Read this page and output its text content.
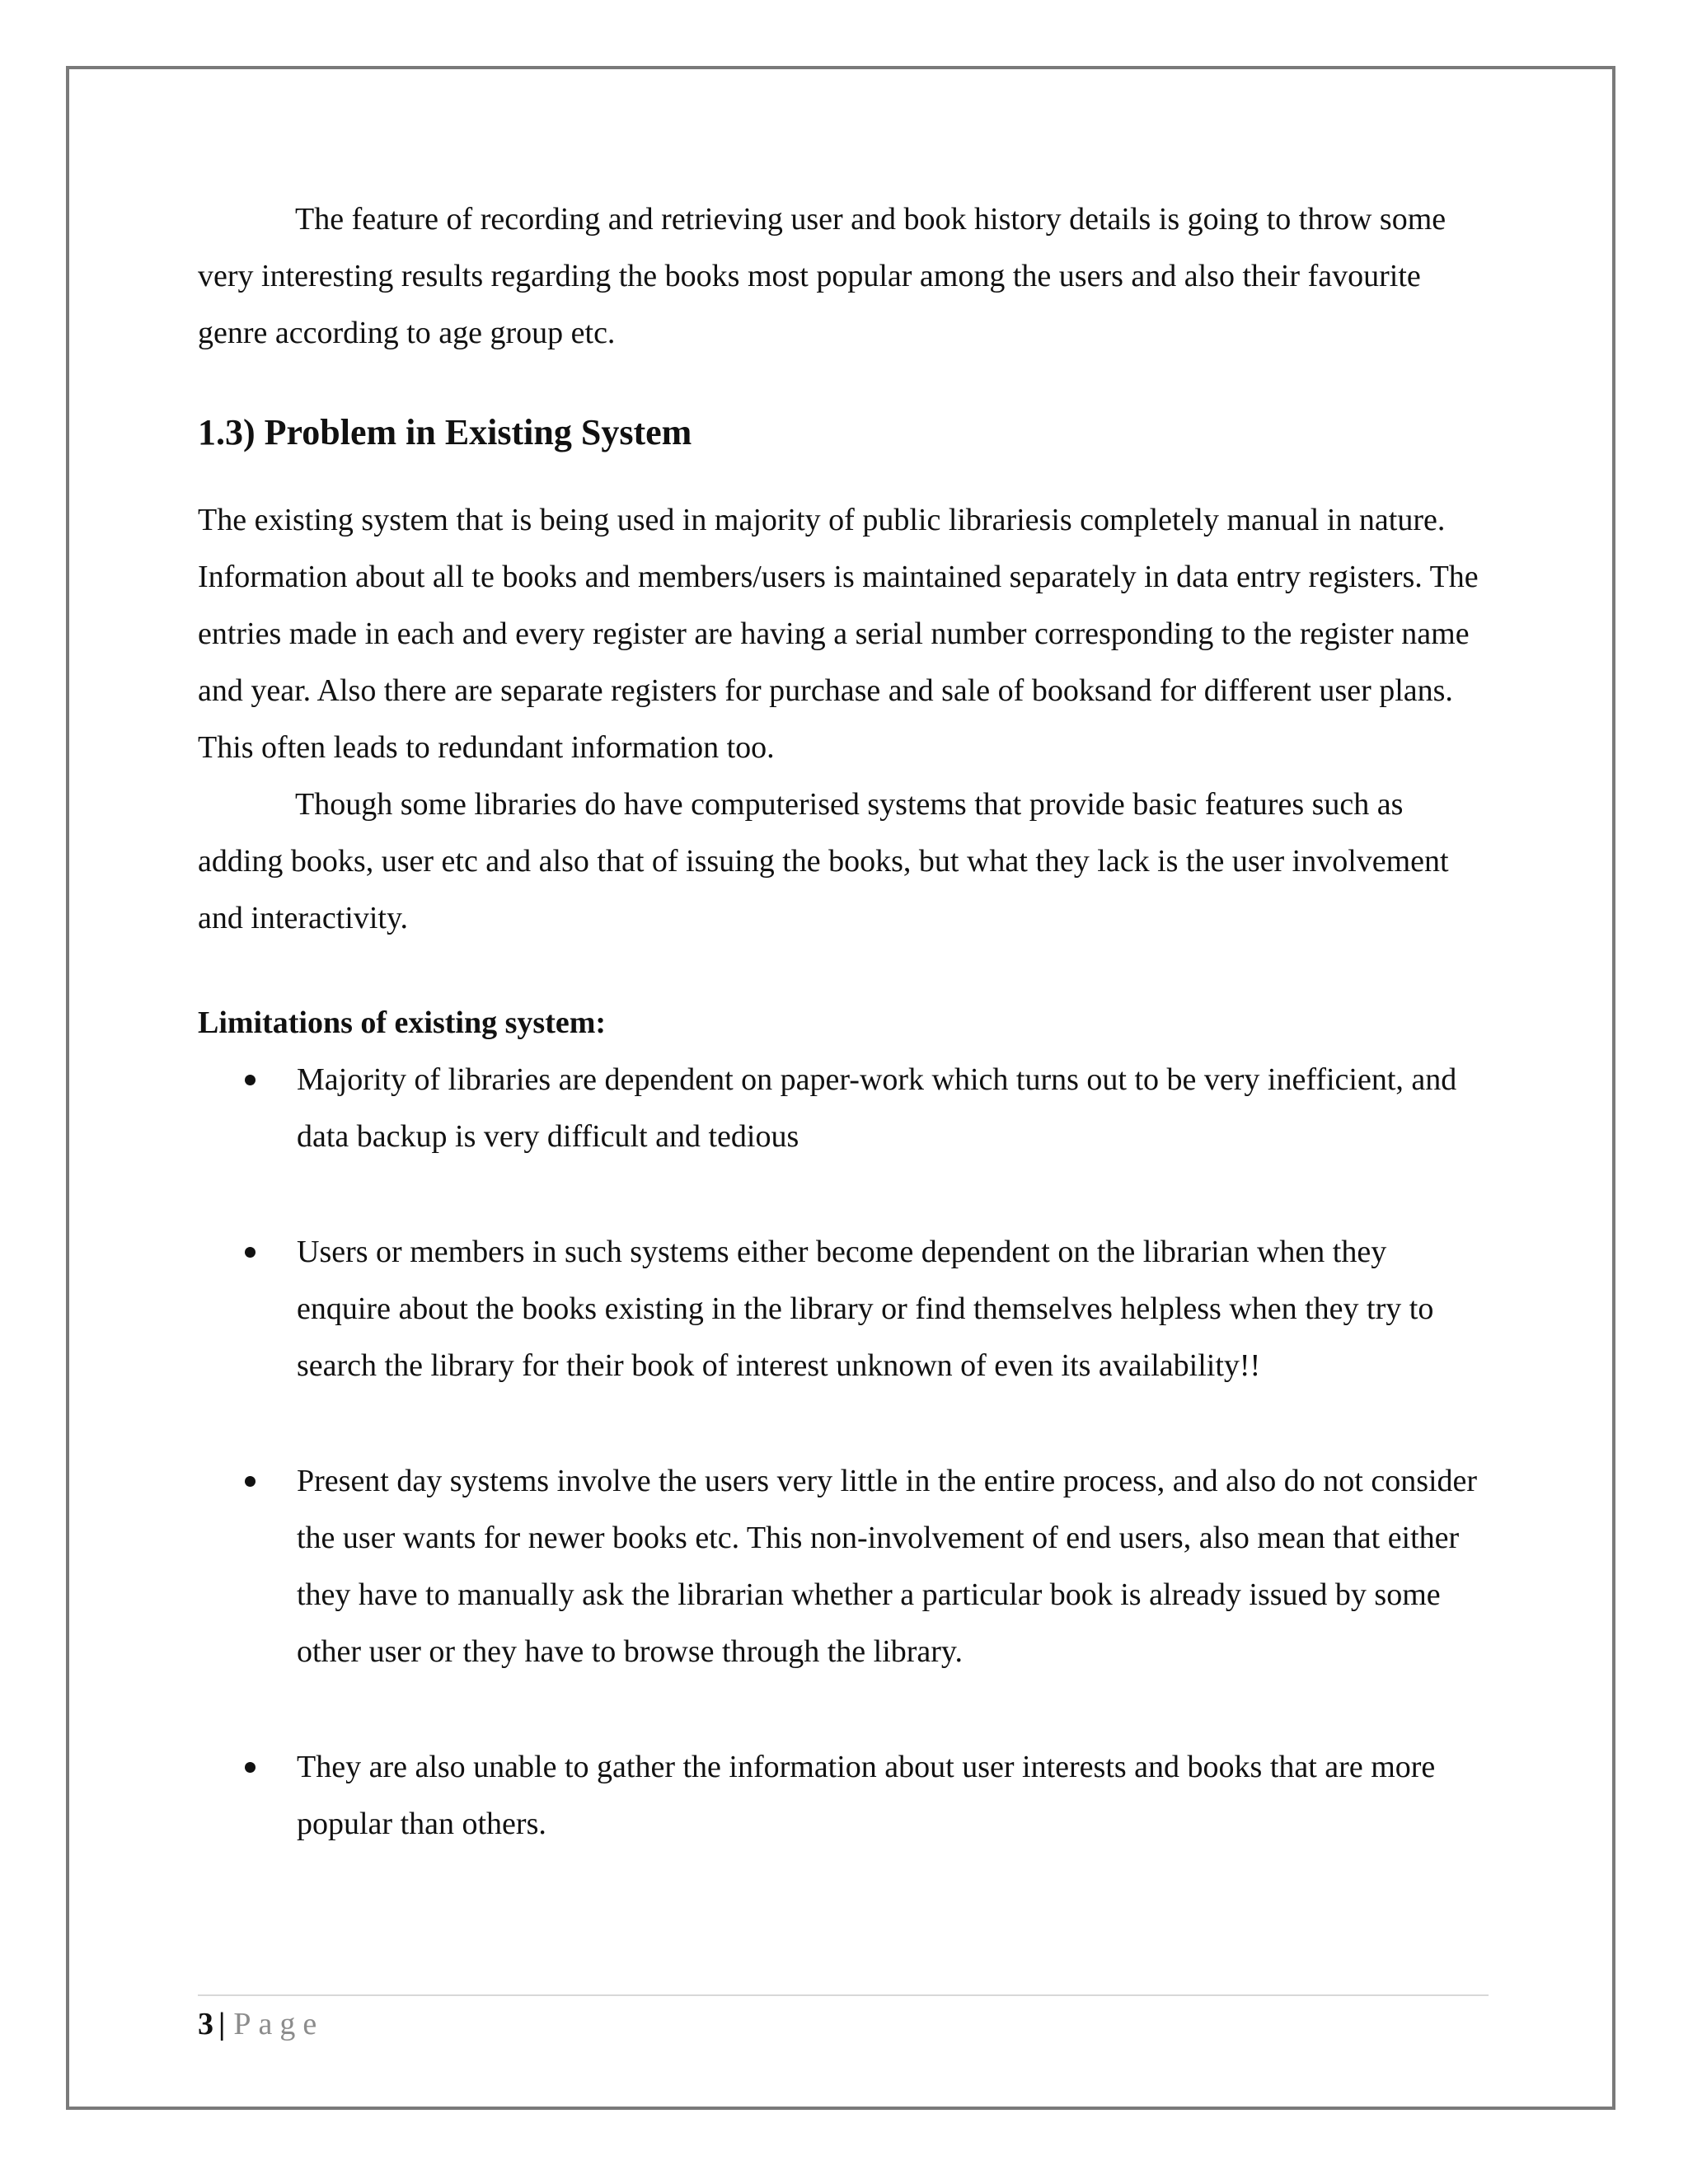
The feature of recording and retrieving user and book history details is going to throw some very interesting results regarding the books most popular among the users and also their favourite genre according to age group etc.

1.3) Problem in Existing System

The existing system that is being used in majority of public librariesis completely manual in nature. Information about all te books and members/users is maintained separately in data entry registers. The entries made in each and every register are having a serial number corresponding to the register name and year. Also there are separate registers for purchase and sale of booksand for different user plans. This often leads to redundant information too.

Though some libraries do have computerised systems that provide basic features such as adding books, user etc and also that of issuing the books, but what they lack is the user involvement and interactivity.

Limitations of existing system:

Majority of libraries are dependent on paper-work which turns out to be very inefficient, and data backup is very difficult and tedious
Users or members in such systems either become dependent on the librarian when they enquire about the books existing in the library or find themselves helpless when they try to search the library for their book of interest unknown of even its availability!!
Present day systems involve the users very little in the entire process, and also do not consider the user wants for newer books etc. This non-involvement of end users, also mean that either they have to manually ask the librarian whether a particular book is already issued by some other user or they have to browse through the library.
They are also unable to gather the information about user interests and books that are more popular than others.
3 | Page
